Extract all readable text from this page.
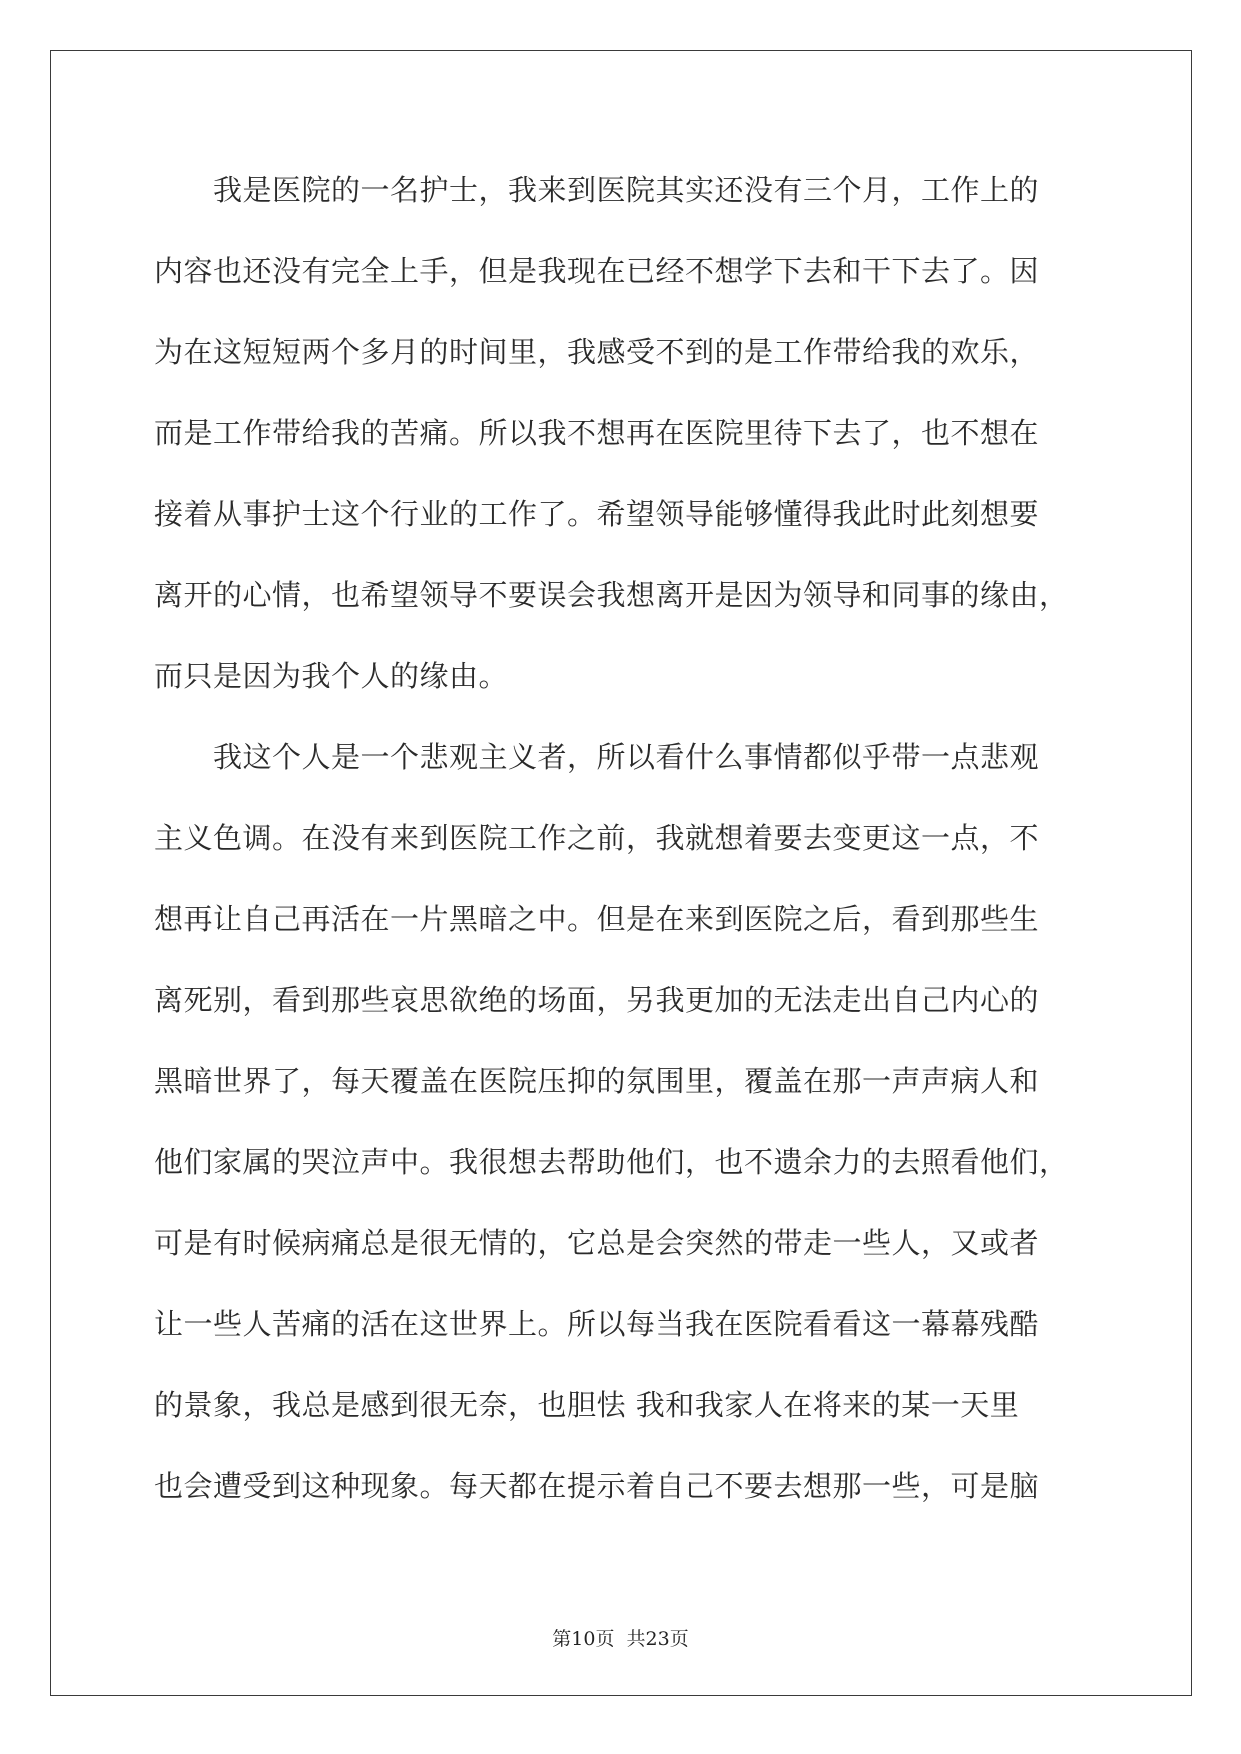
　　我是医院的一名护士，我来到医院其实还没有三个月，工作上的
内容也还没有完全上手，但是我现在已经不想学下去和干下去了。因
为在这短短两个多月的时间里，我感受不到的是工作带给我的欢乐，
而是工作带给我的苦痛。所以我不想再在医院里待下去了，也不想在
接着从事护士这个行业的工作了。希望领导能够懂得我此时此刻想要
离开的心情，也希望领导不要误会我想离开是因为领导和同事的缘由，
而只是因为我个人的缘由。
　　我这个人是一个悲观主义者，所以看什么事情都似乎带一点悲观
主义色调。在没有来到医院工作之前，我就想着要去变更这一点，不
想再让自己再活在一片黑暗之中。但是在来到医院之后，看到那些生
离死别，看到那些哀思欲绝的场面，另我更加的无法走出自己内心的
黑暗世界了，每天覆盖在医院压抑的氛围里，覆盖在那一声声病人和
他们家属的哭泣声中。我很想去帮助他们，也不遗余力的去照看他们，
可是有时候病痛总是很无情的，它总是会突然的带走一些人，又或者
让一些人苦痛的活在这世界上。所以每当我在医院看看这一幕幕残酷
的景象，我总是感到很无奈，也胆怯 我和我家人在将来的某一天里
也会遭受到这种现象。每天都在提示着自己不要去想那一些，可是脑
第10页 共23页
